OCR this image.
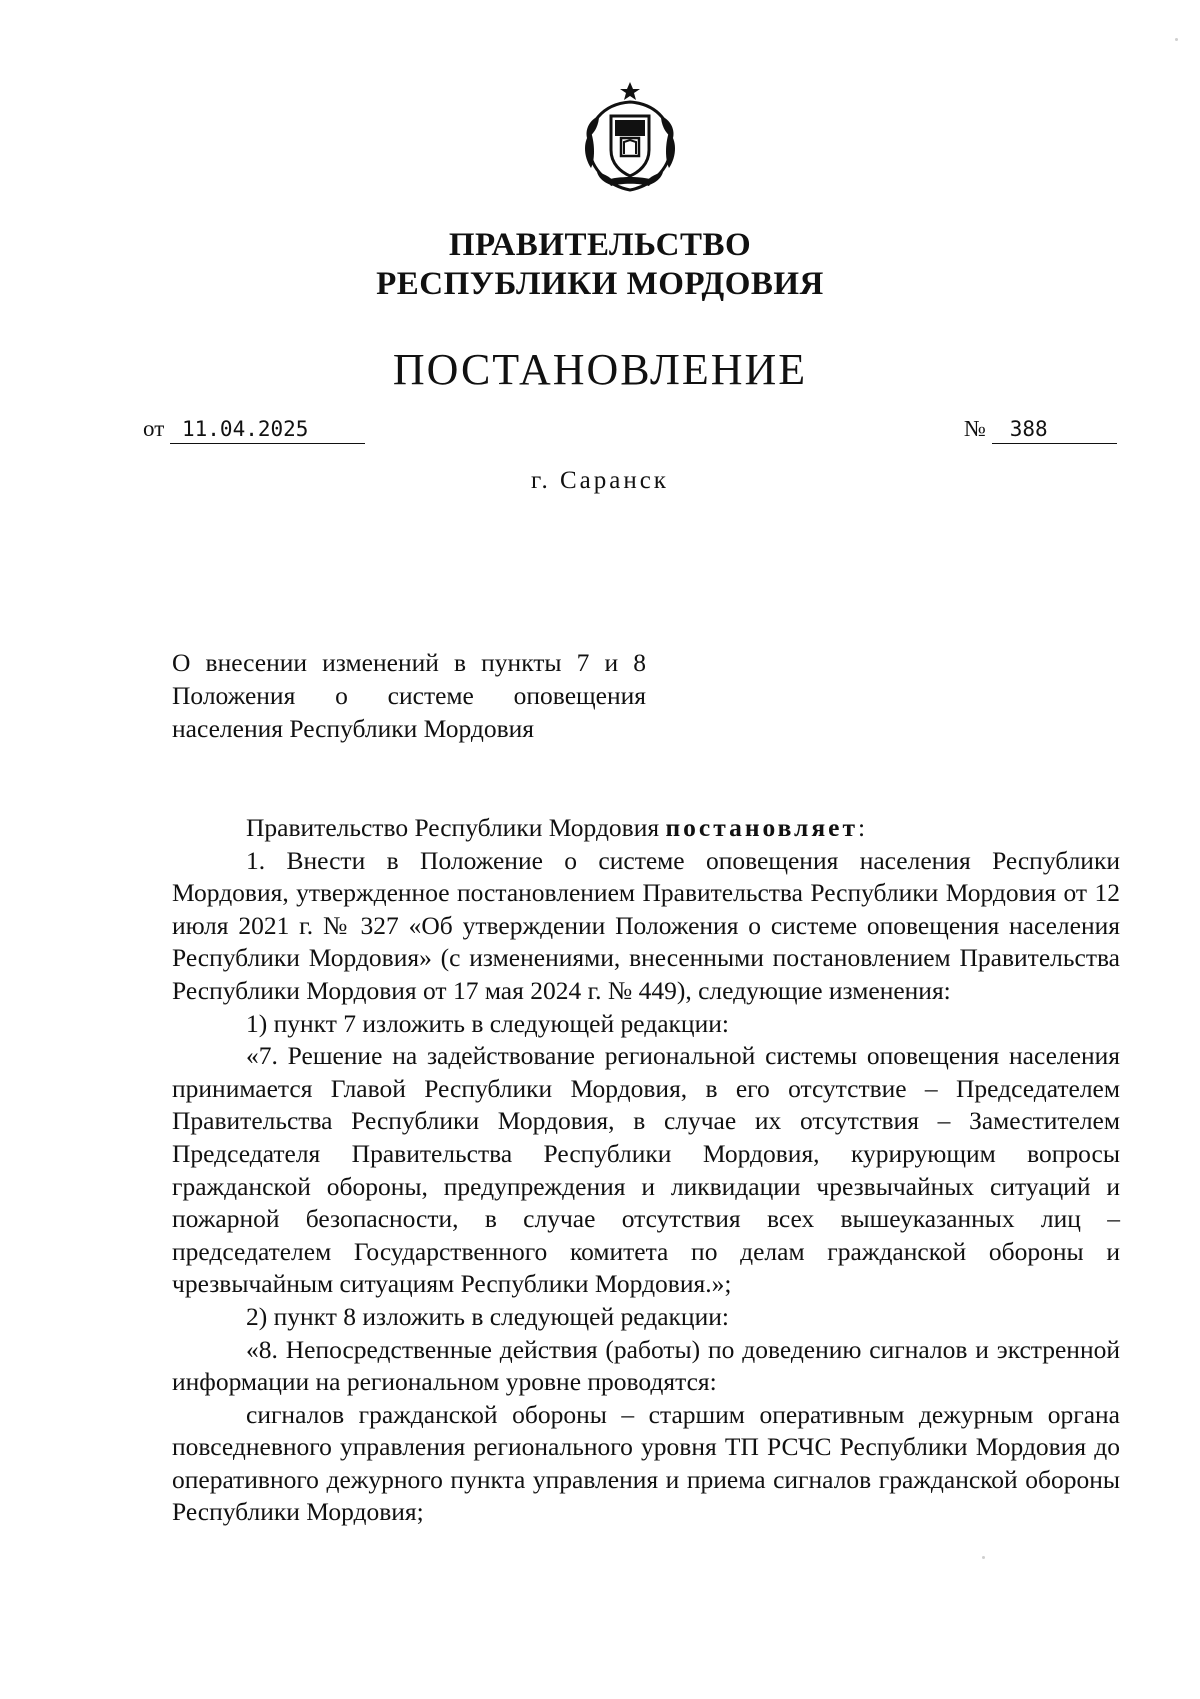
ПРАВИТЕЛЬСТВО
РЕСПУБЛИКИ МОРДОВИЯ
ПОСТАНОВЛЕНИЕ
от 11.04.2025	№ 388
г. Саранск

О внесении изменений в пункты 7 и 8

Положения о системе оповещения

населения Республики Мордовия

Правительство Республики Мордовия постановляет:

1. Внести в Положение о системе оповещения населения Республики Мордовия, утвержденное постановлением Правительства Республики Мордовия от 12 июля 2021 г. № 327 «Об утверждении Положения о системе оповещения населения Республики Мордовия» (с изменениями, внесенными постановлением Правительства Республики Мордовия от 17 мая 2024 г. № 449), следующие изменения:

1) пункт 7 изложить в следующей редакции:

«7. Решение на задействование региональной системы оповещения населения принимается Главой Республики Мордовия, в его отсутствие – Председателем Правительства Республики Мордовия, в случае их отсутствия – Заместителем Председателя Правительства Республики Мордовия, курирующим вопросы гражданской обороны, предупреждения и ликвидации чрезвычайных ситуаций и пожарной безопасности, в случае отсутствия всех вышеуказанных лиц – председателем Государственного комитета по делам гражданской обороны и чрезвычайным ситуациям Республики Мордовия.»;

2) пункт 8 изложить в следующей редакции:

«8. Непосредственные действия (работы) по доведению сигналов и экстренной информации на региональном уровне проводятся:

сигналов гражданской обороны – старшим оперативным дежурным органа повседневного управления регионального уровня ТП РСЧС Республики Мордовия до оперативного дежурного пункта управления и приема сигналов гражданской обороны Республики Мордовия;
